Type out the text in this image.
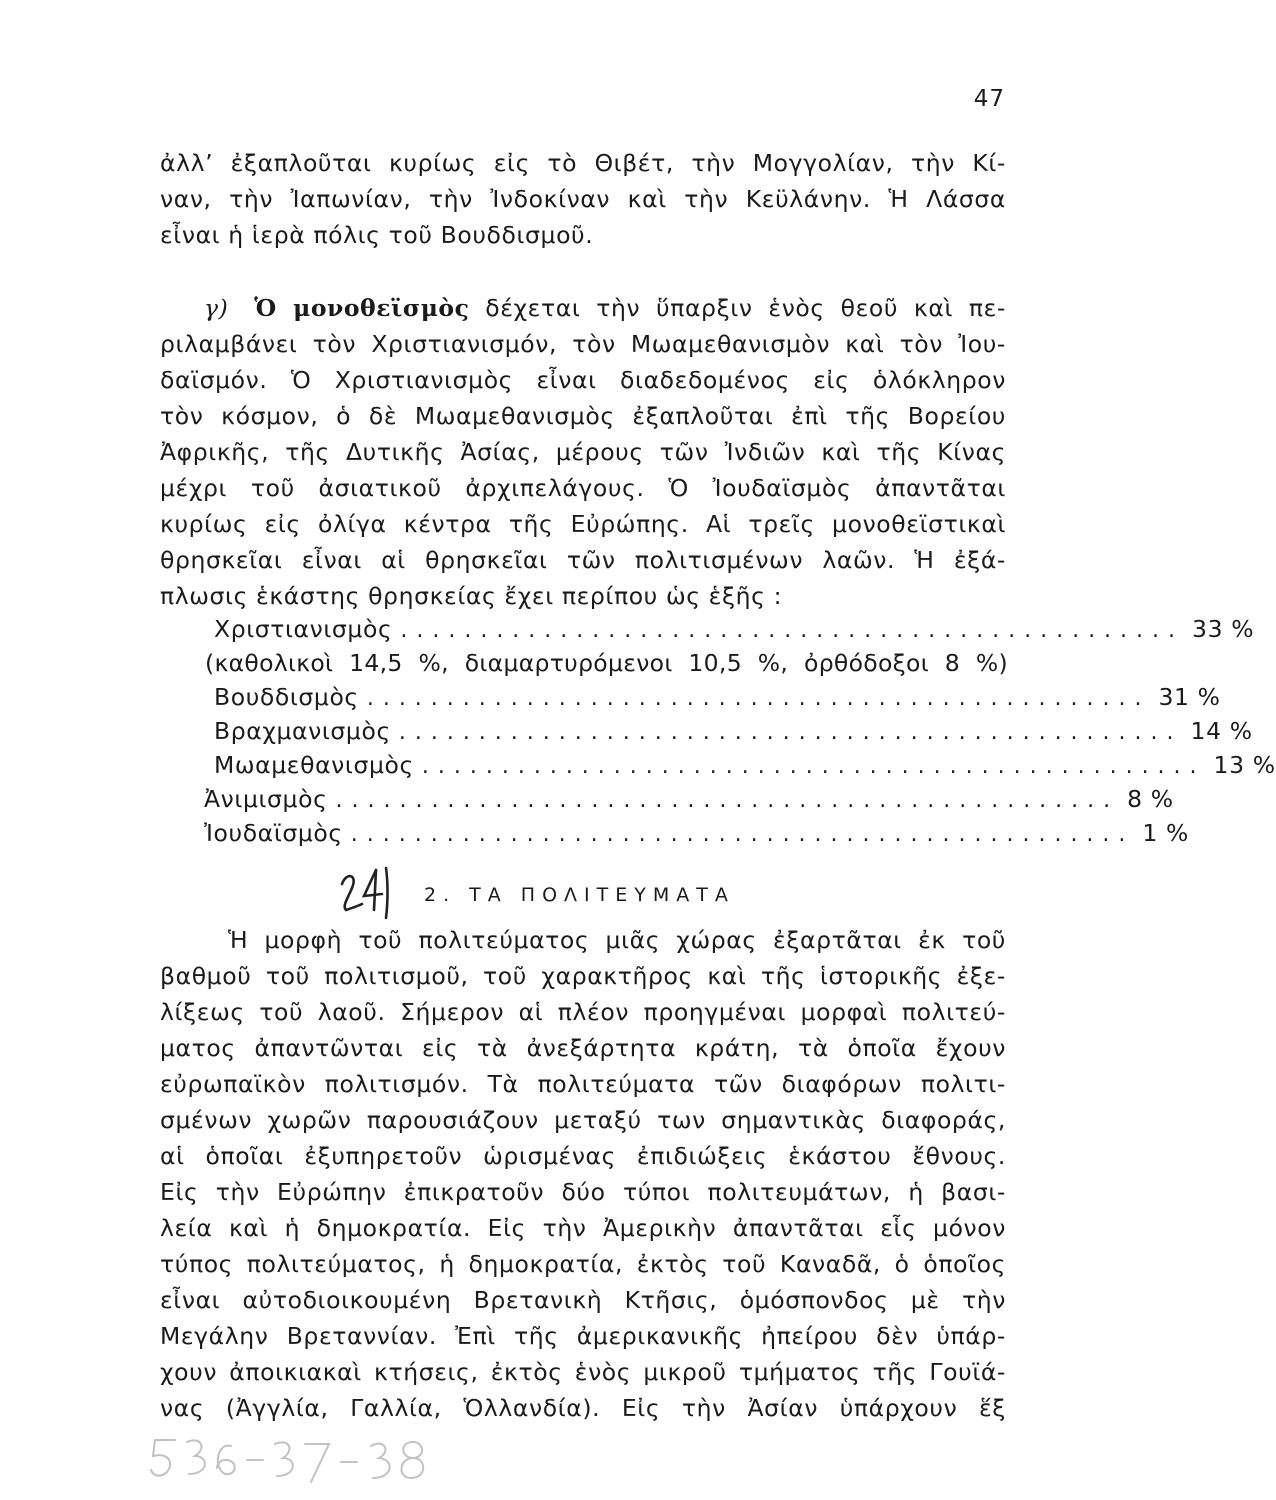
47
ἀλλ’ ἐξαπλοῦται κυρίως εἰς τὸ Θιβέτ, τὴν Μογγολίαν, τὴν Κί-
ναν, τὴν Ἰαπωνίαν, τὴν Ἰνδοκίναν καὶ τὴν Κεϋλάνην. Ἡ Λάσσα
εἶναι ἡ ἱερὰ πόλις τοῦ Βουδδισμοῦ.
γ) Ὁ μονοθεϊσμὸς δέχεται τὴν ὕπαρξιν ἑνὸς θεοῦ καὶ πε-
ριλαμβάνει τὸν Χριστιανισμόν, τὸν Μωαμεθανισμὸν καὶ τὸν Ἰου-
δαϊσμόν. Ὁ Χριστιανισμὸς εἶναι διαδεδομένος εἰς ὁλόκληρον
τὸν κόσμον, ὁ δὲ Μωαμεθανισμὸς ἐξαπλοῦται ἐπὶ τῆς Βορείου
Ἀφρικῆς, τῆς Δυτικῆς Ἀσίας, μέρους τῶν Ἰνδιῶν καὶ τῆς Κίνας
μέχρι τοῦ ἀσιατικοῦ ἀρχιπελάγους. Ὁ Ἰουδαϊσμὸς ἀπαντᾶται
κυρίως εἰς ὀλίγα κέντρα τῆς Εὐρώπης. Αἱ τρεῖς μονοθεϊστικαὶ
θρησκεῖαι εἶναι αἱ θρησκεῖαι τῶν πολιτισμένων λαῶν. Ἡ ἐξά-
πλωσις ἑκάστης θρησκείας ἔχει περίπου ὡς ἑξῆς :
Χριστιανισμὸς ................................................. 33 %
(καθολικοὶ 14,5 %, διαμαρτυρόμενοι 10,5 %, ὀρθόδοξοι 8 %)
Βουδδισμὸς ................................................. 31 %
Βραχμανισμὸς ................................................. 14 %
Μωαμεθανισμὸς ................................................. 13 %
Ἀνιμισμὸς ................................................. 8 %
Ἰουδαϊσμὸς ................................................. 1 %
2. ΤΑ ΠΟΛΙΤΕΥΜΑΤΑ
Ἡ μορφὴ τοῦ πολιτεύματος μιᾶς χώρας ἐξαρτᾶται ἐκ τοῦ
βαθμοῦ τοῦ πολιτισμοῦ, τοῦ χαρακτῆρος καὶ τῆς ἱστορικῆς ἐξε-
λίξεως τοῦ λαοῦ. Σήμερον αἱ πλέον προηγμέναι μορφαὶ πολιτεύ-
ματος ἀπαντῶνται εἰς τὰ ἀνεξάρτητα κράτη, τὰ ὁποῖα ἔχουν
εὐρωπαϊκὸν πολιτισμόν. Τὰ πολιτεύματα τῶν διαφόρων πολιτι-
σμένων χωρῶν παρουσιάζουν μεταξύ των σημαντικὰς διαφοράς,
αἱ ὁποῖαι ἐξυπηρετοῦν ὡρισμένας ἐπιδιώξεις ἑκάστου ἔθνους.
Εἰς τὴν Εὐρώπην ἐπικρατοῦν δύο τύποι πολιτευμάτων, ἡ βασι-
λεία καὶ ἡ δημοκρατία. Εἰς τὴν Ἀμερικὴν ἀπαντᾶται εἷς μόνον
τύπος πολιτεύματος, ἡ δημοκρατία, ἐκτὸς τοῦ Καναδᾶ, ὁ ὁποῖος
εἶναι αὐτοδιοικουμένη Βρετανικὴ Κτῆσις, ὁμόσπονδος μὲ τὴν
Μεγάλην Βρεταννίαν. Ἐπὶ τῆς ἀμερικανικῆς ἠπείρου δὲν ὑπάρ-
χουν ἀποικιακαὶ κτήσεις, ἐκτὸς ἑνὸς μικροῦ τμήματος τῆς Γουϊά-
νας (Ἀγγλία, Γαλλία, Ὁλλανδία). Εἰς τὴν Ἀσίαν ὑπάρχουν ἕξ
